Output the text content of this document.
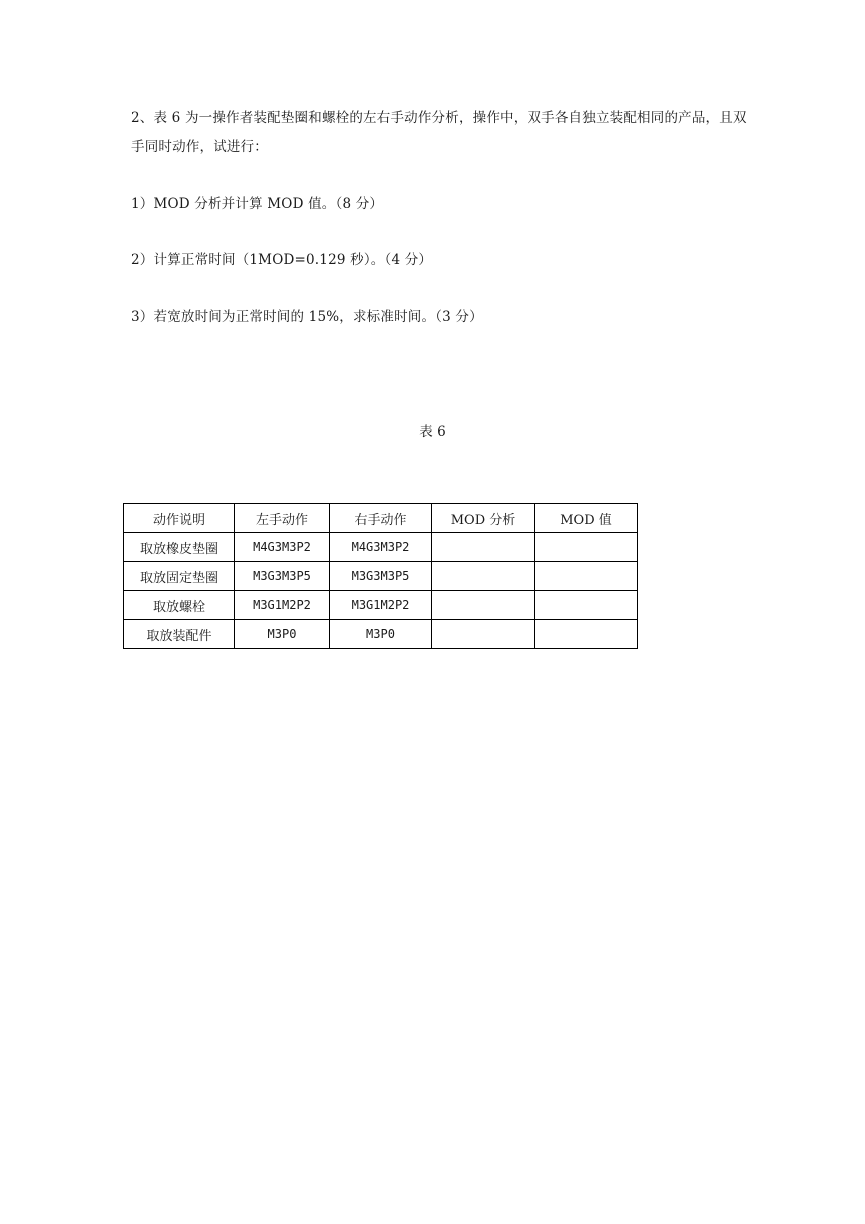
2、表 6 为一操作者装配垫圈和螺栓的左右手动作分析，操作中，双手各自独立装配相同的产品，且双手同时动作，试进行：

1）MOD 分析并计算 MOD 值。（8 分）

2）计算正常时间（1MOD=0.129 秒）。（4 分）

3）若宽放时间为正常时间的 15%，求标准时间。（3 分）

表 6
动作说明	左手动作	右手动作	MOD 分析	MOD 值
取放橡皮垫圈	M4G3M3P2	M4G3M3P2		
取放固定垫圈	M3G3M3P5	M3G3M3P5		
取放螺栓	M3G1M2P2	M3G1M2P2		
取放装配件	M3P0	M3P0		
